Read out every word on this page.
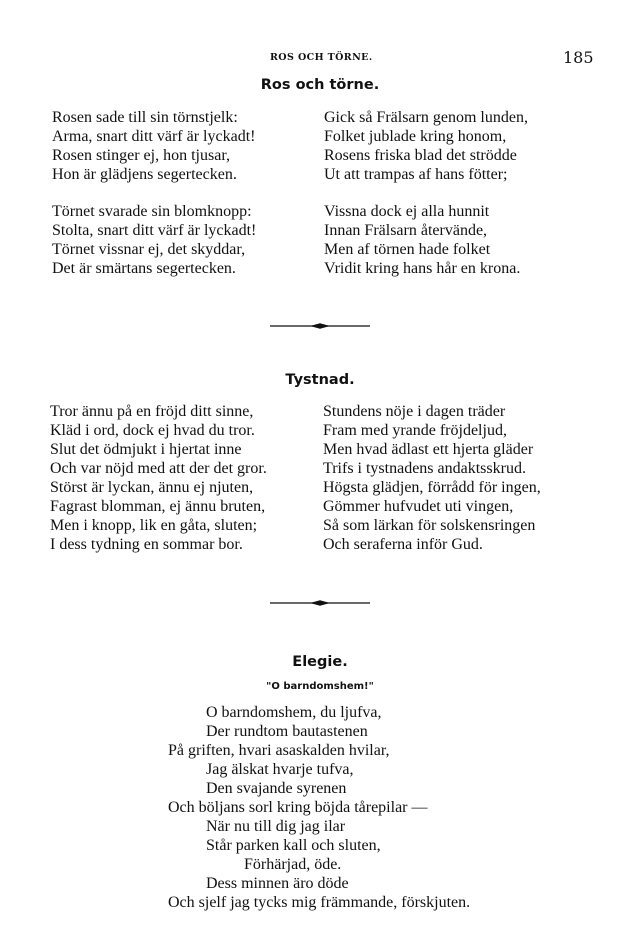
ROS OCH TÖRNE.	185
Ros och törne.
Rosen sade till sin törnstjelk:
Arma, snart ditt värf är lyckadt!
Rosen stinger ej, hon tjusar,
Hon är glädjens segertecken.
Törnet svarade sin blomknopp:
Stolta, snart ditt värf är lyckadt!
Törnet vissnar ej, det skyddar,
Det är smärtans segertecken.
Gick så Frälsarn genom lunden,
Folket jublade kring honom,
Rosens friska blad det strödde
Ut att trampas af hans fötter;
Vissna dock ej alla hunnit
Innan Frälsarn återvände,
Men af törnen hade folket
Vridit kring hans hår en krona.
Tystnad.
Tror ännu på en fröjd ditt sinne,
Kläd i ord, dock ej hvad du tror.
Slut det ödmjukt i hjertat inne
Och var nöjd med att der det gror.
Störst är lyckan, ännu ej njuten,
Fagrast blomman, ej ännu bruten,
Men i knopp, lik en gåta, sluten;
I dess tydning en sommar bor.
Stundens nöje i dagen träder
Fram med yrande fröjdeljud,
Men hvad ädlast ett hjerta gläder
Trifs i tystnadens andaktsskrud.
Högsta glädjen, förrådd för ingen,
Gömmer hufvudet uti vingen,
Så som lärkan för solskensringen
Och seraferna inför Gud.
Elegie.
"O barndomshem!"
O barndomshem, du ljufva,
Der rundtom bautastenen
På griften, hvari asaskalden hvilar,
Jag älskat hvarje tufva,
Den svajande syrenen
Och böljans sorl kring böjda tårepilar —
När nu till dig jag ilar
Står parken kall och sluten,
Förhärjad, öde.
Dess minnen äro döde
Och sjelf jag tycks mig främmande, förskjuten.
